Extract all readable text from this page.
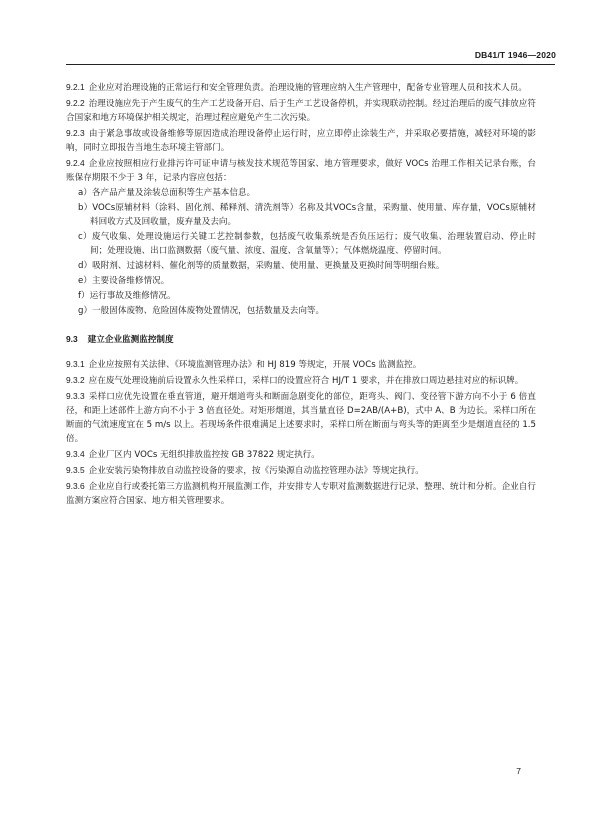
DB41/T 1946—2020

9.2.1 企业应对治理设施的正常运行和安全管理负责。治理设施的管理应纳入生产管理中，配备专业管理人员和技术人员。

9.2.2 治理设施应先于产生废气的生产工艺设备开启、后于生产工艺设备停机，并实现联动控制。经过治理后的废气排放应符合国家和地方环境保护相关规定，治理过程应避免产生二次污染。

9.2.3 由于紧急事故或设备维修等原因造成治理设备停止运行时，应立即停止涂装生产，并采取必要措施，减轻对环境的影响，同时立即报告当地生态环境主管部门。

9.2.4 企业应按照相应行业排污许可证申请与核发技术规范等国家、地方管理要求，做好 VOCs 治理工作相关记录台账，台账保存期限不少于 3 年，记录内容应包括：

a）各产品产量及涂装总面积等生产基本信息。

b）VOCs原辅材料（涂料、固化剂、稀释剂、清洗剂等）名称及其VOCs含量，采购量、使用量、库存量，VOCs原辅材料回收方式及回收量，废弃量及去向。

c）废气收集、处理设施运行关键工艺控制参数，包括废气收集系统是否负压运行；废气收集、治理装置启动、停止时间；处理设施、出口监测数据（废气量、浓度、温度、含氧量等）；气体燃烧温度、停留时间。

d）吸附剂、过滤材料、催化剂等的质量数据，采购量、使用量、更换量及更换时间等明细台账。

e）主要设备维修情况。

f）运行事故及维修情况。

g）一般固体废物、危险固体废物处置情况，包括数量及去向等。

9.3 建立企业监测监控制度

9.3.1 企业应按照有关法律、《环境监测管理办法》和 HJ 819 等规定，开展 VOCs 监测监控。

9.3.2 应在废气处理设施前后设置永久性采样口，采样口的设置应符合 HJ/T 1 要求，并在排放口周边悬挂对应的标识牌。

9.3.3 采样口应优先设置在垂直管道，避开烟道弯头和断面急剧变化的部位，距弯头、阀门、变径管下游方向不小于 6 倍直径，和距上述部件上游方向不小于 3 倍直径处。对矩形烟道，其当量直径 D=2AB/(A+B)，式中 A、B 为边长。采样口所在断面的气流速度宜在 5 m/s 以上。若现场条件很难满足上述要求时，采样口所在断面与弯头等的距离至少是烟道直径的 1.5 倍。

9.3.4 企业厂区内 VOCs 无组织排放监控按 GB 37822 规定执行。

9.3.5 企业安装污染物排放自动监控设备的要求，按《污染源自动监控管理办法》等规定执行。

9.3.6 企业应自行或委托第三方监测机构开展监测工作，并安排专人专职对监测数据进行记录、整理、统计和分析。企业自行监测方案应符合国家、地方相关管理要求。

7
